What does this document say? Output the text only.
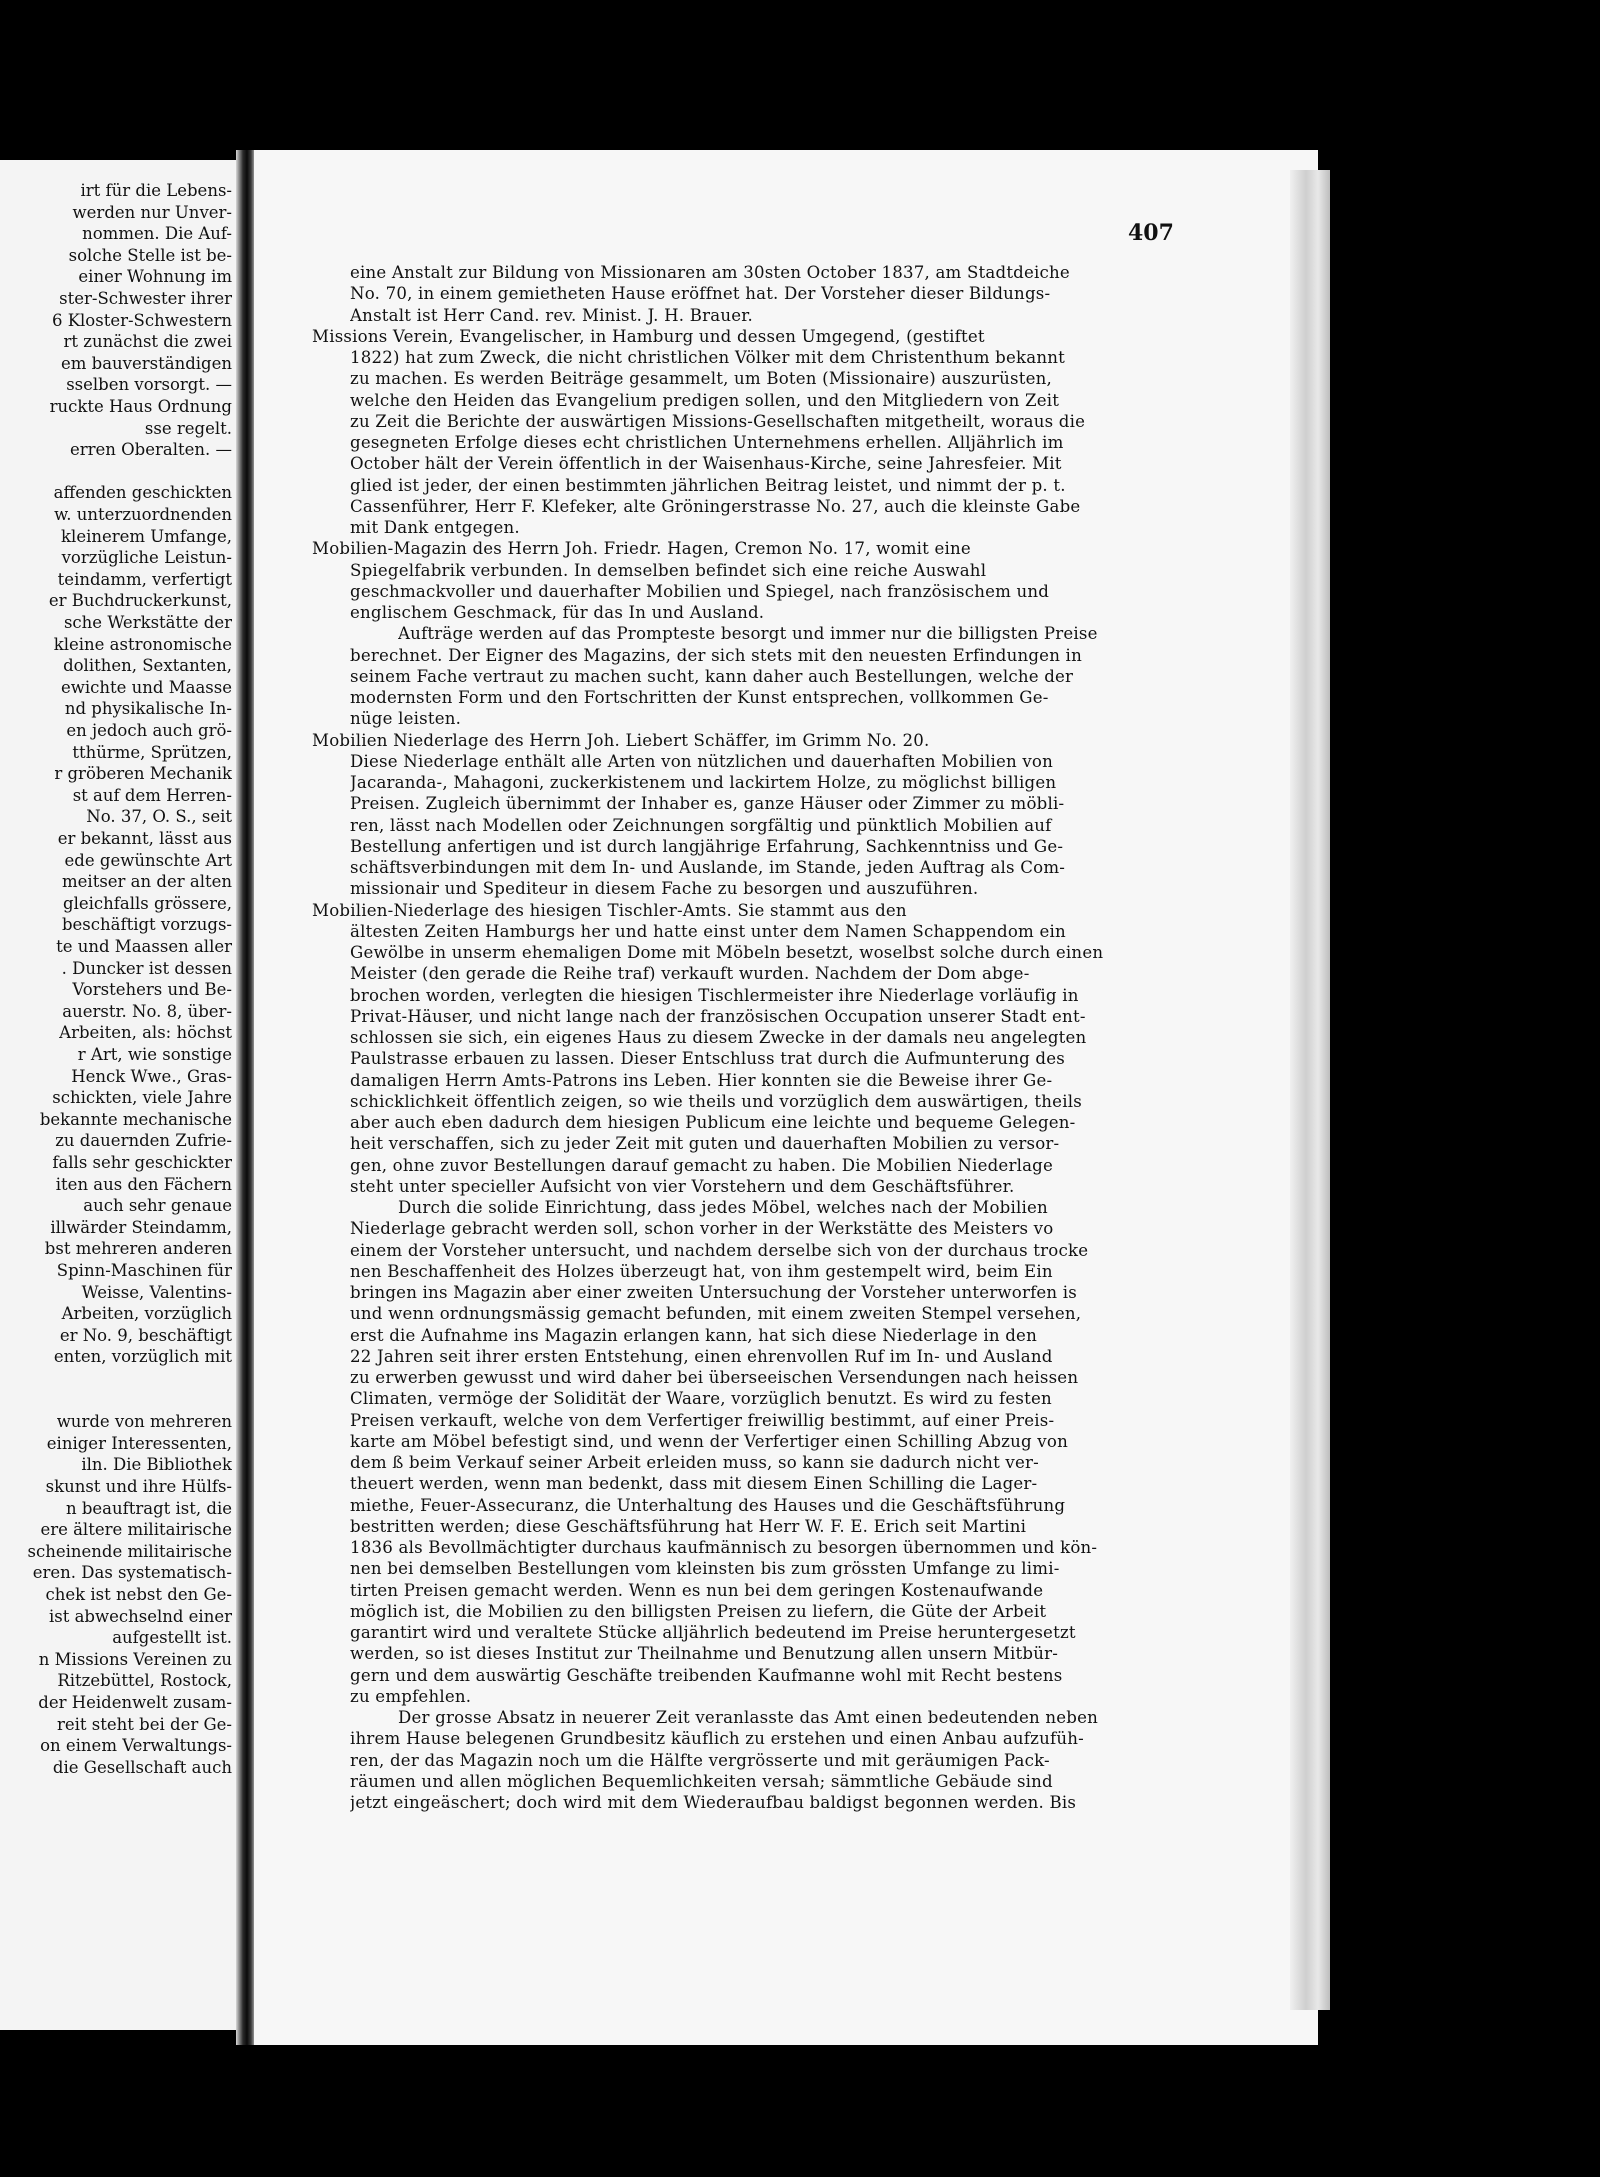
irt für die Lebens-
werden nur Unver-
nommen. Die Auf-
solche Stelle ist be-
einer Wohnung im
ster-Schwester ihrer
6 Kloster-Schwestern
rt zunächst die zwei
em bauverständigen
sselben vorsorgt. —
ruckte Haus Ordnung
sse regelt.
erren Oberalten. —
affenden geschickten
w. unterzuordnenden
kleinerem Umfange,
vorzügliche Leistun-
teindamm, verfertigt
er Buchdruckerkunst,
sche Werkstätte der
kleine astronomische
dolithen, Sextanten,
ewichte und Maasse
nd physikalische In-
en jedoch auch grö-
tthürme, Sprützen,
r gröberen Mechanik
st auf dem Herren-
No. 37, O. S., seit
er bekannt, lässt aus
ede gewünschte Art
meitser an der alten
gleichfalls grössere,
beschäftigt vorzugs-
te und Maassen aller
. Duncker ist dessen
Vorstehers und Be-
auerstr. No. 8, über-
Arbeiten, als: höchst
r Art, wie sonstige
Henck Wwe., Gras-
schickten, viele Jahre
bekannte mechanische
zu dauernden Zufrie-
falls sehr geschickter
iten aus den Fächern
auch sehr genaue
illwärder Steindamm,
bst mehreren anderen
Spinn-Maschinen für
Weisse, Valentins-
Arbeiten, vorzüglich
er No. 9, beschäftigt
enten, vorzüglich mit
wurde von mehreren
einiger Interessenten,
iln. Die Bibliothek
skunst und ihre Hülfs-
n beauftragt ist, die
ere ältere militairische
scheinende militairische
eren. Das systematisch-
chek ist nebst den Ge-
ist abwechselnd einer
aufgestellt ist.
n Missions Vereinen zu
Ritzebüttel, Rostock,
der Heidenwelt zusam-
reit steht bei der Ge-
on einem Verwaltungs-
die Gesellschaft auch
407
eine Anstalt zur Bildung von Missionaren am 30sten October 1837, am Stadtdeiche
No. 70, in einem gemietheten Hause eröffnet hat. Der Vorsteher dieser Bildungs-
Anstalt ist Herr Cand. rev. Minist. J. H. Brauer.
Missions Verein, Evangelischer, in Hamburg und dessen Umgegend, (gestiftet
1822) hat zum Zweck, die nicht christlichen Völker mit dem Christenthum bekannt
zu machen. Es werden Beiträge gesammelt, um Boten (Missionaire) auszurüsten,
welche den Heiden das Evangelium predigen sollen, und den Mitgliedern von Zeit
zu Zeit die Berichte der auswärtigen Missions-Gesellschaften mitgetheilt, woraus die
gesegneten Erfolge dieses echt christlichen Unternehmens erhellen. Alljährlich im
October hält der Verein öffentlich in der Waisenhaus-Kirche, seine Jahresfeier. Mit
glied ist jeder, der einen bestimmten jährlichen Beitrag leistet, und nimmt der p. t.
Cassenführer, Herr F. Klefeker, alte Gröningerstrasse No. 27, auch die kleinste Gabe
mit Dank entgegen.
Mobilien-Magazin des Herrn Joh. Friedr. Hagen, Cremon No. 17, womit eine
Spiegelfabrik verbunden. In demselben befindet sich eine reiche Auswahl
geschmackvoller und dauerhafter Mobilien und Spiegel, nach französischem und
englischem Geschmack, für das In und Ausland.
Aufträge werden auf das Prompteste besorgt und immer nur die billigsten Preise
berechnet. Der Eigner des Magazins, der sich stets mit den neuesten Erfindungen in
seinem Fache vertraut zu machen sucht, kann daher auch Bestellungen, welche der
modernsten Form und den Fortschritten der Kunst entsprechen, vollkommen Ge-
nüge leisten.
Mobilien Niederlage des Herrn Joh. Liebert Schäffer, im Grimm No. 20.
Diese Niederlage enthält alle Arten von nützlichen und dauerhaften Mobilien von
Jacaranda-, Mahagoni, zuckerkistenem und lackirtem Holze, zu möglichst billigen
Preisen. Zugleich übernimmt der Inhaber es, ganze Häuser oder Zimmer zu möbli-
ren, lässt nach Modellen oder Zeichnungen sorgfältig und pünktlich Mobilien auf
Bestellung anfertigen und ist durch langjährige Erfahrung, Sachkenntniss und Ge-
schäftsverbindungen mit dem In- und Auslande, im Stande, jeden Auftrag als Com-
missionair und Spediteur in diesem Fache zu besorgen und auszuführen.
Mobilien-Niederlage des hiesigen Tischler-Amts. Sie stammt aus den
ältesten Zeiten Hamburgs her und hatte einst unter dem Namen Schappendom ein
Gewölbe in unserm ehemaligen Dome mit Möbeln besetzt, woselbst solche durch einen
Meister (den gerade die Reihe traf) verkauft wurden. Nachdem der Dom abge-
brochen worden, verlegten die hiesigen Tischlermeister ihre Niederlage vorläufig in
Privat-Häuser, und nicht lange nach der französischen Occupation unserer Stadt ent-
schlossen sie sich, ein eigenes Haus zu diesem Zwecke in der damals neu angelegten
Paulstrasse erbauen zu lassen. Dieser Entschluss trat durch die Aufmunterung des
damaligen Herrn Amts-Patrons ins Leben. Hier konnten sie die Beweise ihrer Ge-
schicklichkeit öffentlich zeigen, so wie theils und vorzüglich dem auswärtigen, theils
aber auch eben dadurch dem hiesigen Publicum eine leichte und bequeme Gelegen-
heit verschaffen, sich zu jeder Zeit mit guten und dauerhaften Mobilien zu versor-
gen, ohne zuvor Bestellungen darauf gemacht zu haben. Die Mobilien Niederlage
steht unter specieller Aufsicht von vier Vorstehern und dem Geschäftsführer.
Durch die solide Einrichtung, dass jedes Möbel, welches nach der Mobilien
Niederlage gebracht werden soll, schon vorher in der Werkstätte des Meisters vo
einem der Vorsteher untersucht, und nachdem derselbe sich von der durchaus trocke
nen Beschaffenheit des Holzes überzeugt hat, von ihm gestempelt wird, beim Ein
bringen ins Magazin aber einer zweiten Untersuchung der Vorsteher unterworfen is
und wenn ordnungsmässig gemacht befunden, mit einem zweiten Stempel versehen,
erst die Aufnahme ins Magazin erlangen kann, hat sich diese Niederlage in den
22 Jahren seit ihrer ersten Entstehung, einen ehrenvollen Ruf im In- und Ausland
zu erwerben gewusst und wird daher bei überseeischen Versendungen nach heissen
Climaten, vermöge der Solidität der Waare, vorzüglich benutzt. Es wird zu festen
Preisen verkauft, welche von dem Verfertiger freiwillig bestimmt, auf einer Preis-
karte am Möbel befestigt sind, und wenn der Verfertiger einen Schilling Abzug von
dem ß beim Verkauf seiner Arbeit erleiden muss, so kann sie dadurch nicht ver-
theuert werden, wenn man bedenkt, dass mit diesem Einen Schilling die Lager-
miethe, Feuer-Assecuranz, die Unterhaltung des Hauses und die Geschäftsführung
bestritten werden; diese Geschäftsführung hat Herr W. F. E. Erich seit Martini
1836 als Bevollmächtigter durchaus kaufmännisch zu besorgen übernommen und kön-
nen bei demselben Bestellungen vom kleinsten bis zum grössten Umfange zu limi-
tirten Preisen gemacht werden. Wenn es nun bei dem geringen Kostenaufwande
möglich ist, die Mobilien zu den billigsten Preisen zu liefern, die Güte der Arbeit
garantirt wird und veraltete Stücke alljährlich bedeutend im Preise heruntergesetzt
werden, so ist dieses Institut zur Theilnahme und Benutzung allen unsern Mitbür-
gern und dem auswärtig Geschäfte treibenden Kaufmanne wohl mit Recht bestens
zu empfehlen.
Der grosse Absatz in neuerer Zeit veranlasste das Amt einen bedeutenden neben
ihrem Hause belegenen Grundbesitz käuflich zu erstehen und einen Anbau aufzufüh-
ren, der das Magazin noch um die Hälfte vergrösserte und mit geräumigen Pack-
räumen und allen möglichen Bequemlichkeiten versah; sämmtliche Gebäude sind
jetzt eingeäschert; doch wird mit dem Wiederaufbau baldigst begonnen werden. Bis
